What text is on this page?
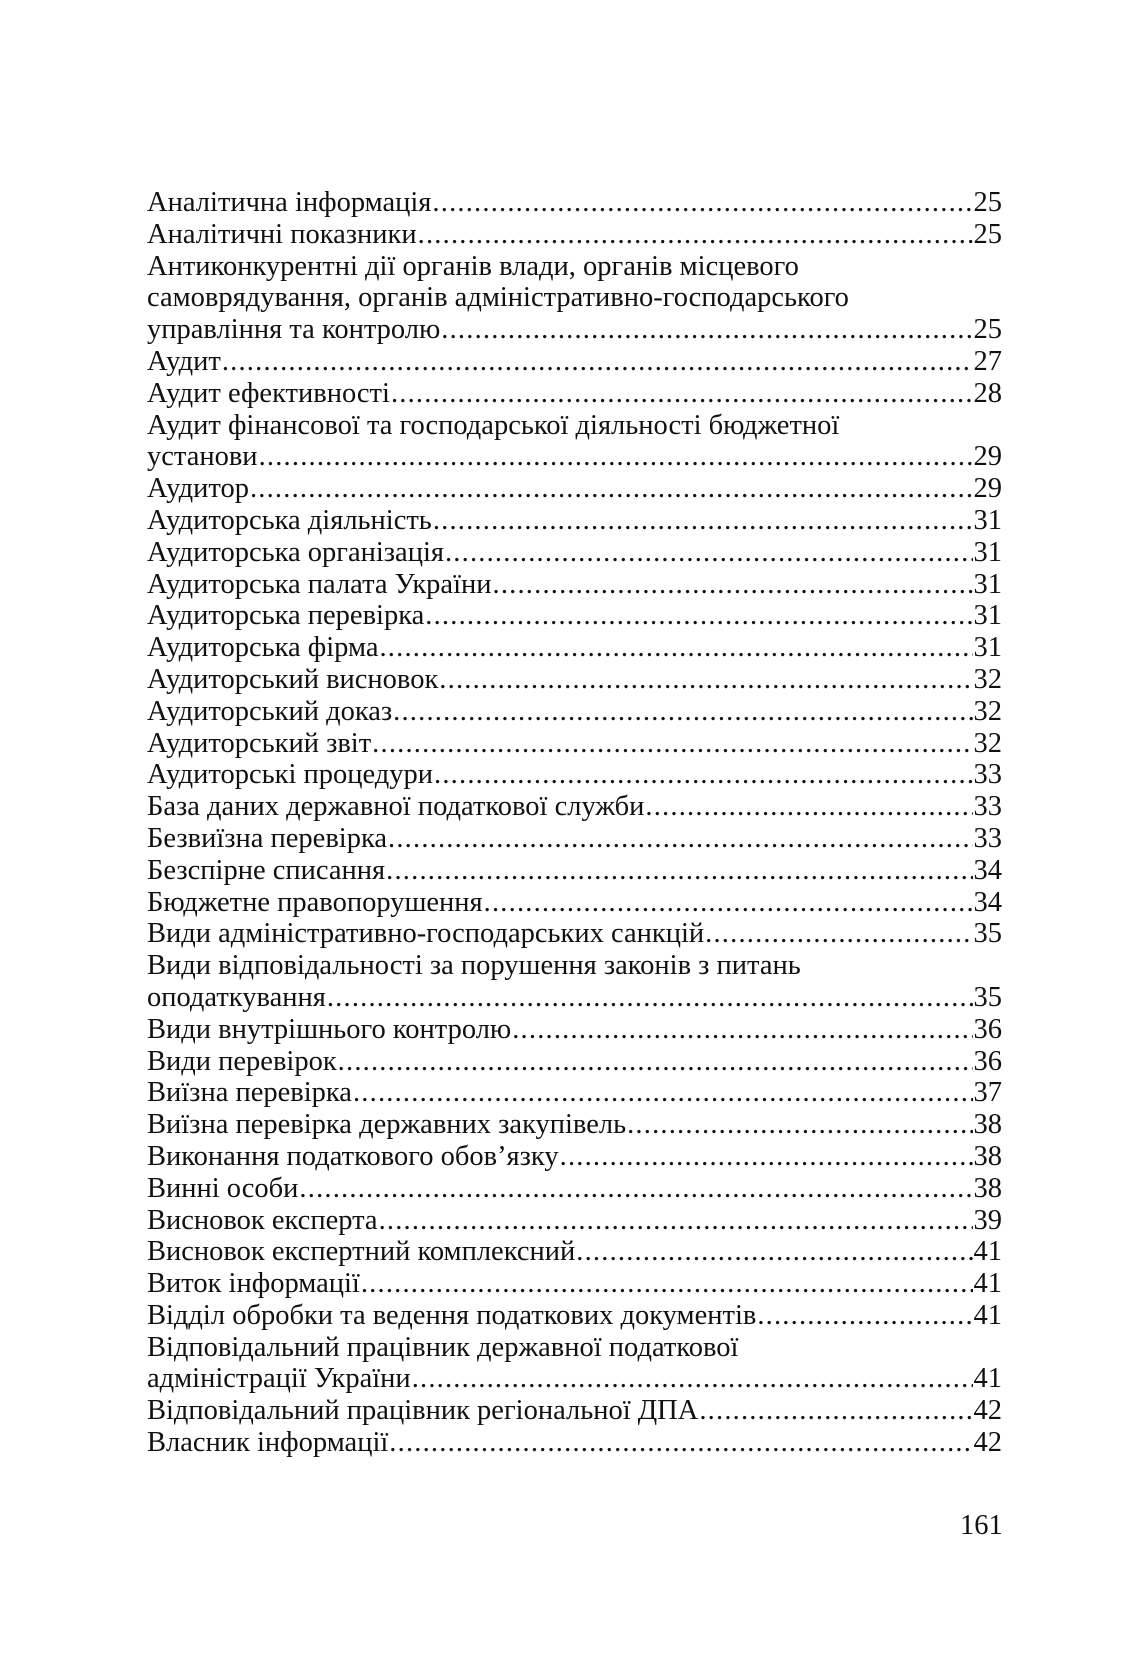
Аналітична інформація .....	25
Аналітичні показники .....	25
Антиконкурентні дії органів влади, органів місцевого
самоврядування, органів адміністративно-господарського
управління та контролю .....	25
Аудит .....	27
Аудит ефективності .....	28
Аудит фінансової та господарської діяльності бюджетної
установи .....	29
Аудитор .....	29
Аудиторська діяльність .....	31
Аудиторська організація .....	31
Аудиторська палата України .....	31
Аудиторська перевірка .....	31
Аудиторська фірма .....	31
Аудиторський висновок .....	32
Аудиторський доказ .....	32
Аудиторський звіт .....	32
Аудиторські процедури .....	33
База даних державної податкової служби .....	33
Безвиїзна перевірка .....	33
Безспірне списання .....	34
Бюджетне правопорушення .....	34
Види адміністративно-господарських санкцій .....	35
Види відповідальності за порушення законів з питань
оподаткування .....	35
Види внутрішнього контролю .....	36
Види перевірок .....	36
Виїзна перевірка .....	37
Виїзна перевірка державних закупівель .....	38
Виконання податкового обов’язку .....	38
Винні особи .....	38
Висновок експерта .....	39
Висновок експертний комплексний .....	41
Виток інформації .....	41
Відділ обробки та ведення податкових документів .....	41
Відповідальний працівник державної податкової
адміністрації України .....	41
Відповідальний працівник регіональної ДПА .....	42
Власник інформації .....	42
161
